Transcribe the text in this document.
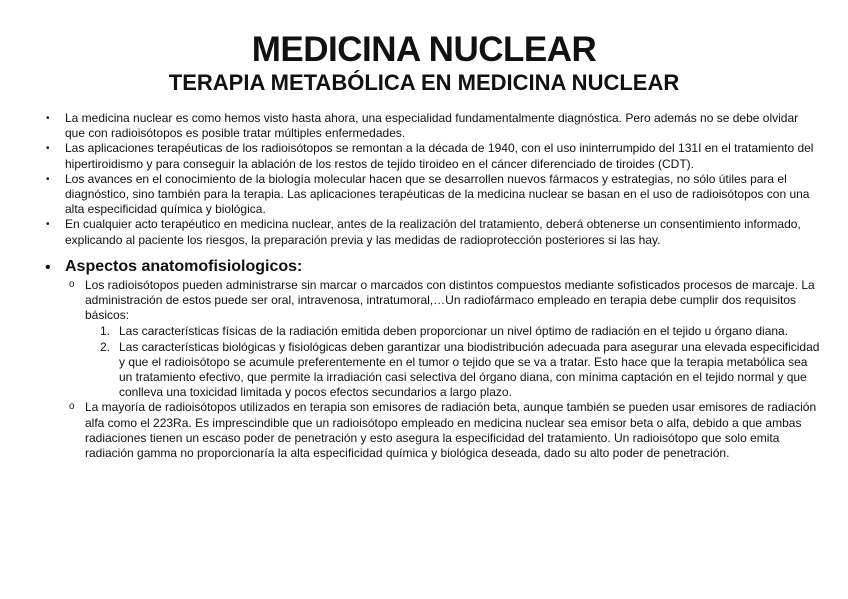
MEDICINA NUCLEAR
TERAPIA METABÓLICA EN MEDICINA NUCLEAR
• La medicina nuclear es como hemos visto hasta ahora, una especialidad fundamentalmente diagnóstica. Pero además no se debe olvidar que con radioisótopos es posible tratar múltiples enfermedades.
• Las aplicaciones terapéuticas de los radioisótopos se remontan a la década de 1940, con el uso ininterrumpido del 131I en el tratamiento del hipertiroidismo y para conseguir la ablación de los restos de tejido tiroideo en el cáncer diferenciado de tiroides (CDT).
• Los avances en el conocimiento de la biología molecular hacen que se desarrollen nuevos fármacos y estrategias, no sólo útiles para el diagnóstico, sino también para la terapia. Las aplicaciones terapéuticas de la medicina nuclear se basan en el uso de radioisótopos con una alta especificidad química y biológica.
• En cualquier acto terapéutico en medicina nuclear, antes de la realización del tratamiento, deberá obtenerse un consentimiento informado, explicando al paciente los riesgos, la preparación previa y las medidas de radioprotección posteriores si las hay.
• Aspectos anatomofisiologicos:
o Los radioisótopos pueden administrarse sin marcar o marcados con distintos compuestos mediante sofisticados procesos de marcaje. La administración de estos puede ser oral, intravenosa, intratumoral,…Un radiofármaco empleado en terapia debe cumplir dos requisitos básicos:
1. Las características físicas de la radiación emitida deben proporcionar un nivel óptimo de radiación en el tejido u órgano diana.
2. Las características biológicas y fisiológicas deben garantizar una biodistribución adecuada para asegurar una elevada especificidad y que el radioisótopo se acumule preferentemente en el tumor o tejido que se va a tratar. Esto hace que la terapia metabólica sea un tratamiento efectivo, que permite la irradiación casi selectiva del órgano diana, con mínima captación en el tejido normal y que conlleva una toxicidad limitada y pocos efectos secundarios a largo plazo.
o La mayoría de radioisótopos utilizados en terapia son emisores de radiación beta, aunque también se pueden usar emisores de radiación alfa como el 223Ra. Es imprescindible que un radioisótopo empleado en medicina nuclear sea emisor beta o alfa, debido a que ambas radiaciones tienen un escaso poder de penetración y esto asegura la especificidad del tratamiento. Un radioisótopo que solo emita radiación gamma no proporcionaría la alta especificidad química y biológica deseada, dado su alto poder de penetración.
